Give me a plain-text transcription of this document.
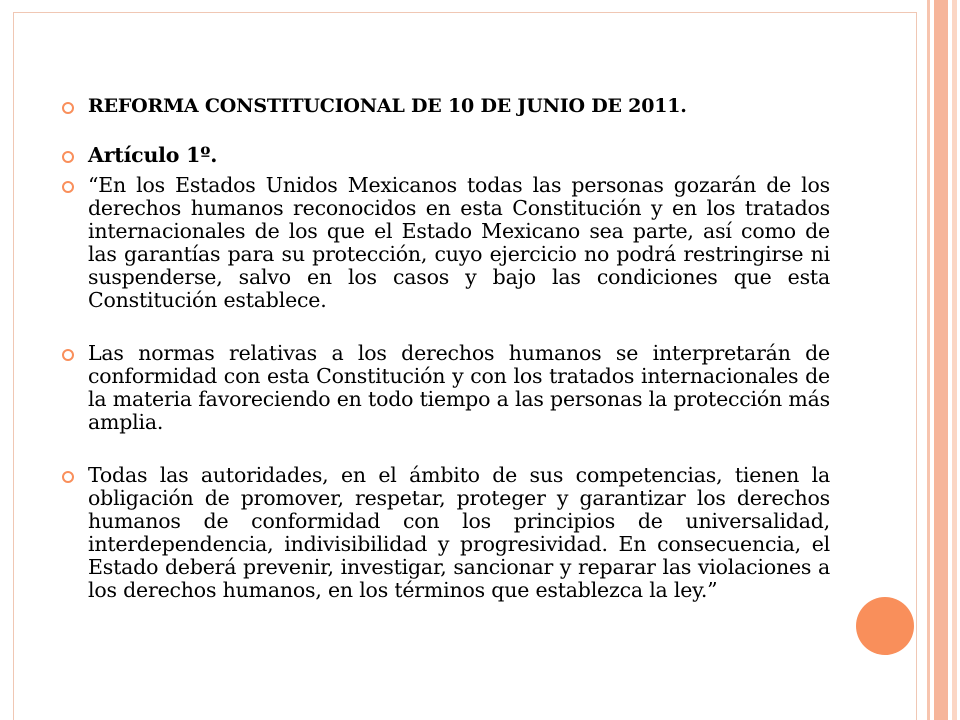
REFORMA CONSTITUCIONAL DE 10 DE JUNIO DE 2011.
Artículo 1º.
“En los Estados Unidos Mexicanos todas las personas gozarán de los derechos humanos reconocidos en esta Constitución y en los tratados internacionales de los que el Estado Mexicano sea parte, así como de las garantías para su protección, cuyo ejercicio no podrá restringirse ni suspenderse, salvo en los casos y bajo las condiciones que esta Constitución establece.
Las normas relativas a los derechos humanos se interpretarán de conformidad con esta Constitución y con los tratados internacionales de la materia favoreciendo en todo tiempo a las personas la protección más amplia.
Todas las autoridades, en el ámbito de sus competencias, tienen la obligación de promover, respetar, proteger y garantizar los derechos humanos de conformidad con los principios de universalidad, interdependencia, indivisibilidad y progresividad. En consecuencia, el Estado deberá prevenir, investigar, sancionar y reparar las violaciones a los derechos humanos, en los términos que establezca la ley.”
